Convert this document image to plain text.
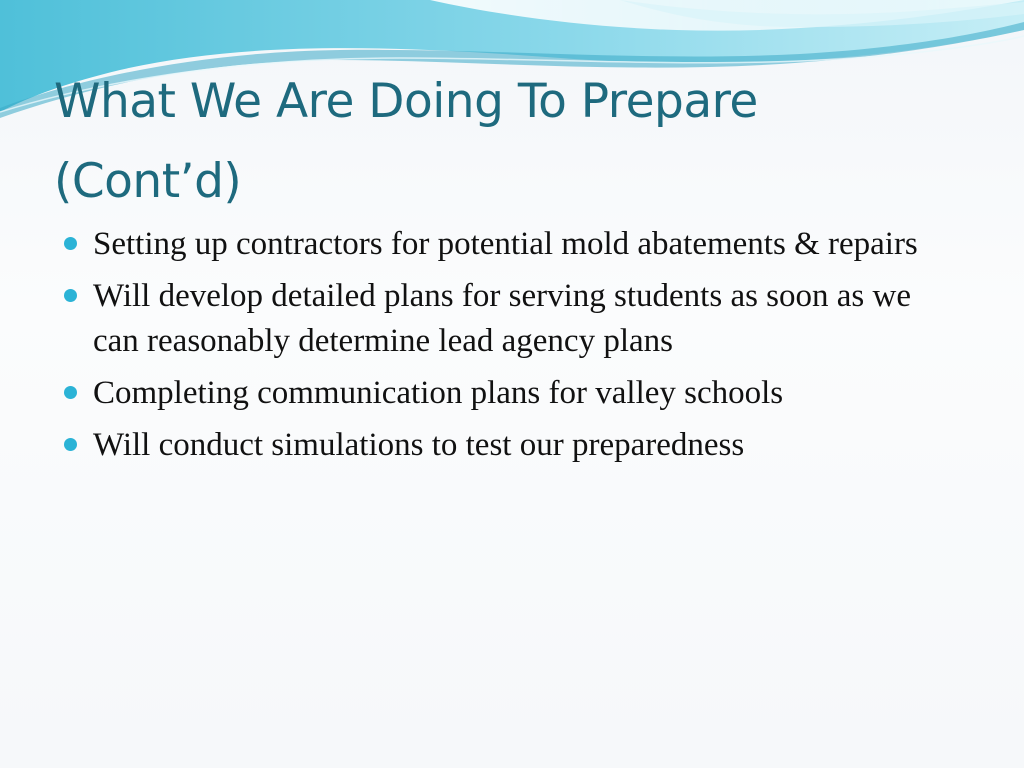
What We Are Doing To Prepare
(Cont’d)
Setting up contractors for potential mold abatements & repairs
Will develop detailed plans for serving students as soon as we can reasonably determine lead agency plans
Completing communication plans for valley schools
Will conduct simulations to test our preparedness
